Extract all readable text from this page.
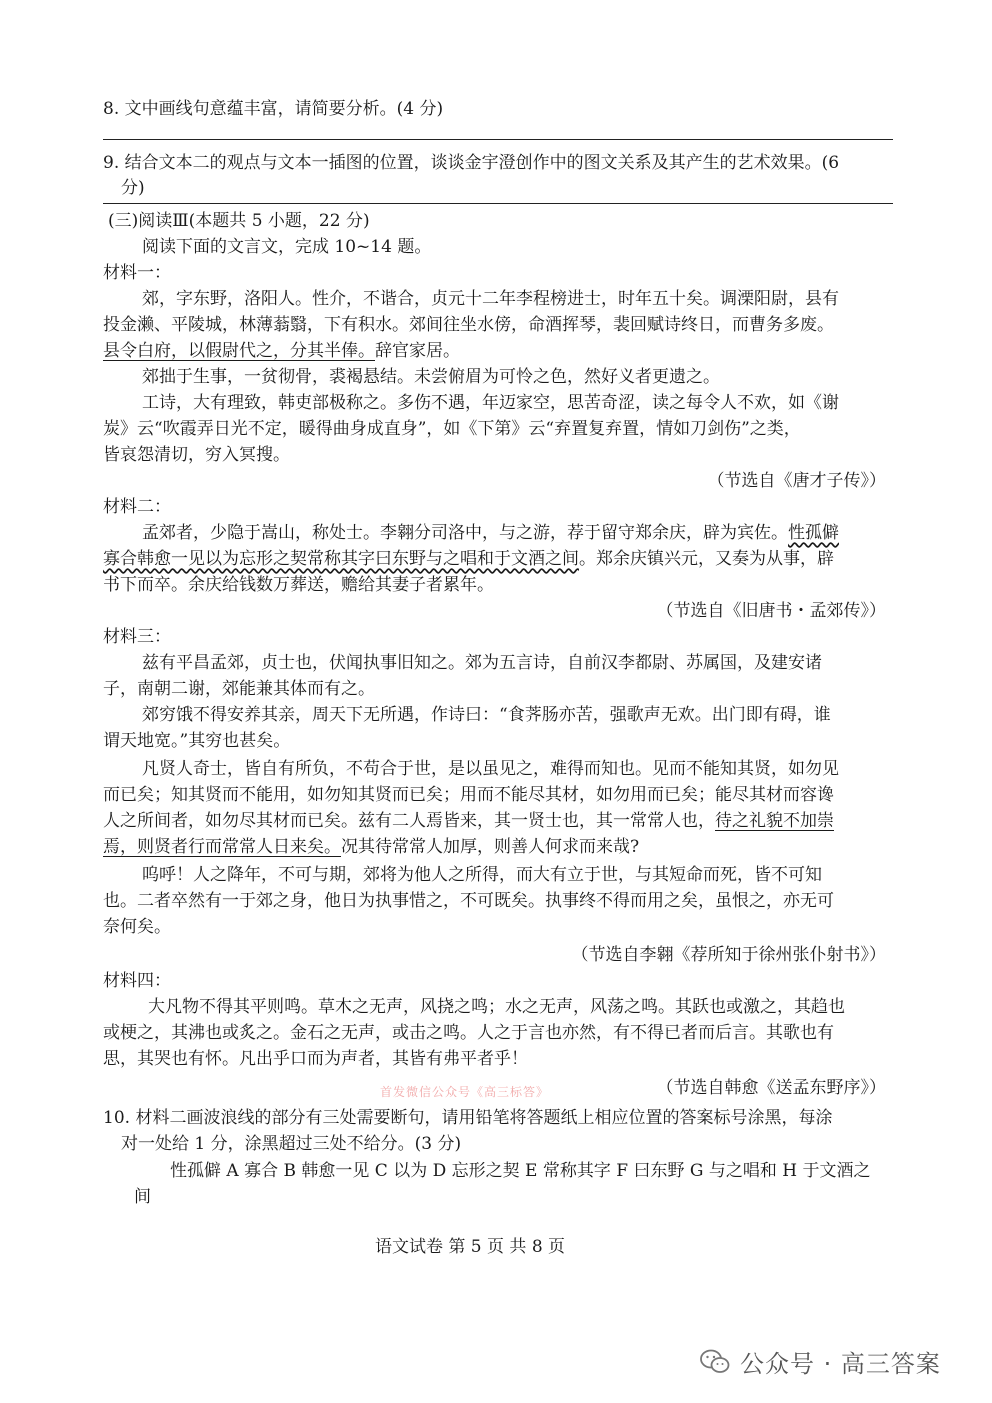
8. 文中画线句意蕴丰富，请简要分析。(4 分)
9. 结合文本二的观点与文本一插图的位置，谈谈金宇澄创作中的图文关系及其产生的艺术效果。(6
分)
(三)阅读Ⅲ(本题共 5 小题，22 分)
阅读下面的文言文，完成 10~14 题。
材料一：
郊，字东野，洛阳人。性介，不谐合，贞元十二年李程榜进士，时年五十矣。调溧阳尉，县有
投金濑、平陵城，林薄蓊翳，下有积水。郊间往坐水傍，命酒挥琴，裴回赋诗终日，而曹务多废。
县令白府，以假尉代之，分其半俸。辞官家居。
郊拙于生事，一贫彻骨，裘褐悬结。未尝俯眉为可怜之色，然好义者更遗之。
工诗，大有理致，韩吏部极称之。多伤不遇，年迈家空，思苦奇涩，读之每令人不欢，如《谢
炭》云“吹霞弄日光不定，暖得曲身成直身”，如《下第》云“弃置复弃置，情如刀剑伤”之类，
皆哀怨清切，穷入冥搜。
（节选自《唐才子传》）
材料二：
孟郊者，少隐于嵩山，称处士。李翱分司洛中，与之游，荐于留守郑余庆，辟为宾佐。性孤僻
寡合韩愈一见以为忘形之契常称其字曰东野与之唱和于文酒之间。郑余庆镇兴元，又奏为从事，辟
书下而卒。余庆给钱数万葬送，赡给其妻子者累年。
（节选自《旧唐书・孟郊传》）
材料三：
兹有平昌孟郊，贞士也，伏闻执事旧知之。郊为五言诗，自前汉李都尉、苏属国，及建安诸
子，南朝二谢，郊能兼其体而有之。
郊穷饿不得安养其亲，周天下无所遇，作诗曰：“食荠肠亦苦，强歌声无欢。出门即有碍，谁
谓天地宽。”其穷也甚矣。
凡贤人奇士，皆自有所负，不苟合于世，是以虽见之，难得而知也。见而不能知其贤，如勿见
而已矣；知其贤而不能用，如勿知其贤而已矣；用而不能尽其材，如勿用而已矣；能尽其材而容谗
人之所间者，如勿尽其材而已矣。兹有二人焉皆来，其一贤士也，其一常常人也，待之礼貌不加崇
焉，则贤者行而常常人日来矣。况其待常常人加厚，则善人何求而来哉?
呜呼！人之降年，不可与期，郊将为他人之所得，而大有立于世，与其短命而死，皆不可知
也。二者卒然有一于郊之身，他日为执事惜之，不可既矣。执事终不得而用之矣，虽恨之，亦无可
奈何矣。
（节选自李翱《荐所知于徐州张仆射书》）
材料四：
大凡物不得其平则鸣。草木之无声，风挠之鸣；水之无声，风荡之鸣。其跃也或激之，其趋也
或梗之，其沸也或炙之。金石之无声，或击之鸣。人之于言也亦然，有不得已者而后言。其歌也有
思，其哭也有怀。凡出乎口而为声者，其皆有弗平者乎！
首发微信公众号《高三标答》	（节选自韩愈《送孟东野序》）
10. 材料二画波浪线的部分有三处需要断句，请用铅笔将答题纸上相应位置的答案标号涂黑，每涂
对一处给 1 分，涂黑超过三处不给分。(3 分)
性孤僻 A 寡合 B 韩愈一见 C 以为 D 忘形之契 E 常称其字 F 曰东野 G 与之唱和 H 于文酒之
间
语文试卷 第 5 页 共 8 页
公众号 · 高三答案
